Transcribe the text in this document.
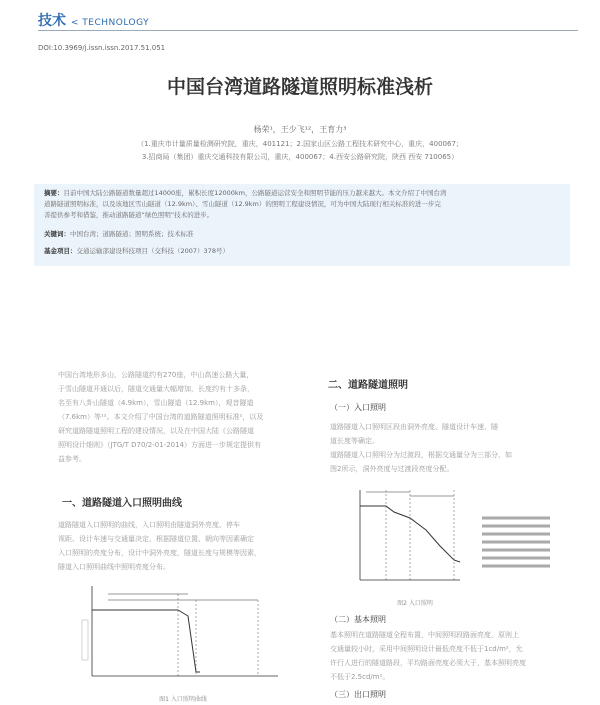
技术 < TECHNOLOGY
DOI:10.3969/j.issn.issn.2017.51.051
中国台湾道路隧道照明标准浅析
杨荣¹，王少飞¹²，王育力³
（1.重庆市计量质量检测研究院，重庆，401121；2.国家山区公路工程技术研究中心，重庆，400067；
3.招商局（集团）重庆交通科技有限公司，重庆，400067；4.西安公路研究院，陕西 西安 710065）
摘要：目前中国大陆公路隧道数量超过14000座，累积长度12000km，公路隧道运营安全和照明节能的压力越来越大。本文介绍了中国台湾
道路隧道照明标准，以及该地区雪山隧道（12.9km）、雪山隧道（12.9km）的照明工程建设情况，可为中国大陆现行相关标准的进一步完
善提供参考和借鉴，推动道路隧道“绿色照明”技术的进步。
关键词：中国台湾；道路隧道；照明系统；技术标准
基金项目：交通运输部建设科技项目（交科技（2007）378号）
中国台湾地形多山，公路隧道约有270座，中山高速公路大量，
于雪山隧道开通以后，隧道交通量大幅增加，长度约有十多条，
名至有八卦山隧道（4.9km），雪山隧道（12.9km），观音隧道
（7.6km）等¹²。本文介绍了中国台湾的道路隧道照明标准²，以及
研究道路隧道照明工程的建设情况，以及在中国大陆《公路隧道
照明设计细则》（JTG/T D70/2-01-2014）方面进一步规定提供有
益参考。
一、道路隧道入口照明曲线
道路隧道入口照明的曲线，入口照明由隧道洞外亮度、停车
视距、设计车速与交通量决定，根据隧道位置、朝向等因素确定
入口照明的亮度分布，设计中洞外亮度，隧道长度与规模等因素，
隧道入口照明曲线中照明亮度分布。
图1 入口照明曲线
二、道路隧道照明
（一）入口照明
道路隧道入口照明区段由洞外亮度、隧道设计车速、隧
道长度等确定。
道路隧道入口照明分为过渡段，根据交通量分为三部分，如
图2所示，洞外亮度与过渡段亮度分配。
图2 入口照明
（二）基本照明
基本照明在道路隧道全程布置，中间照明段路面亮度，原则上
交通量较小时，采用中间照明设计最低亮度不低于1cd/m²，允
许行人进行的隧道路段，平均路面亮度必须大于，基本照明亮度
不低于2.5cd/m²。
（三）出口照明
